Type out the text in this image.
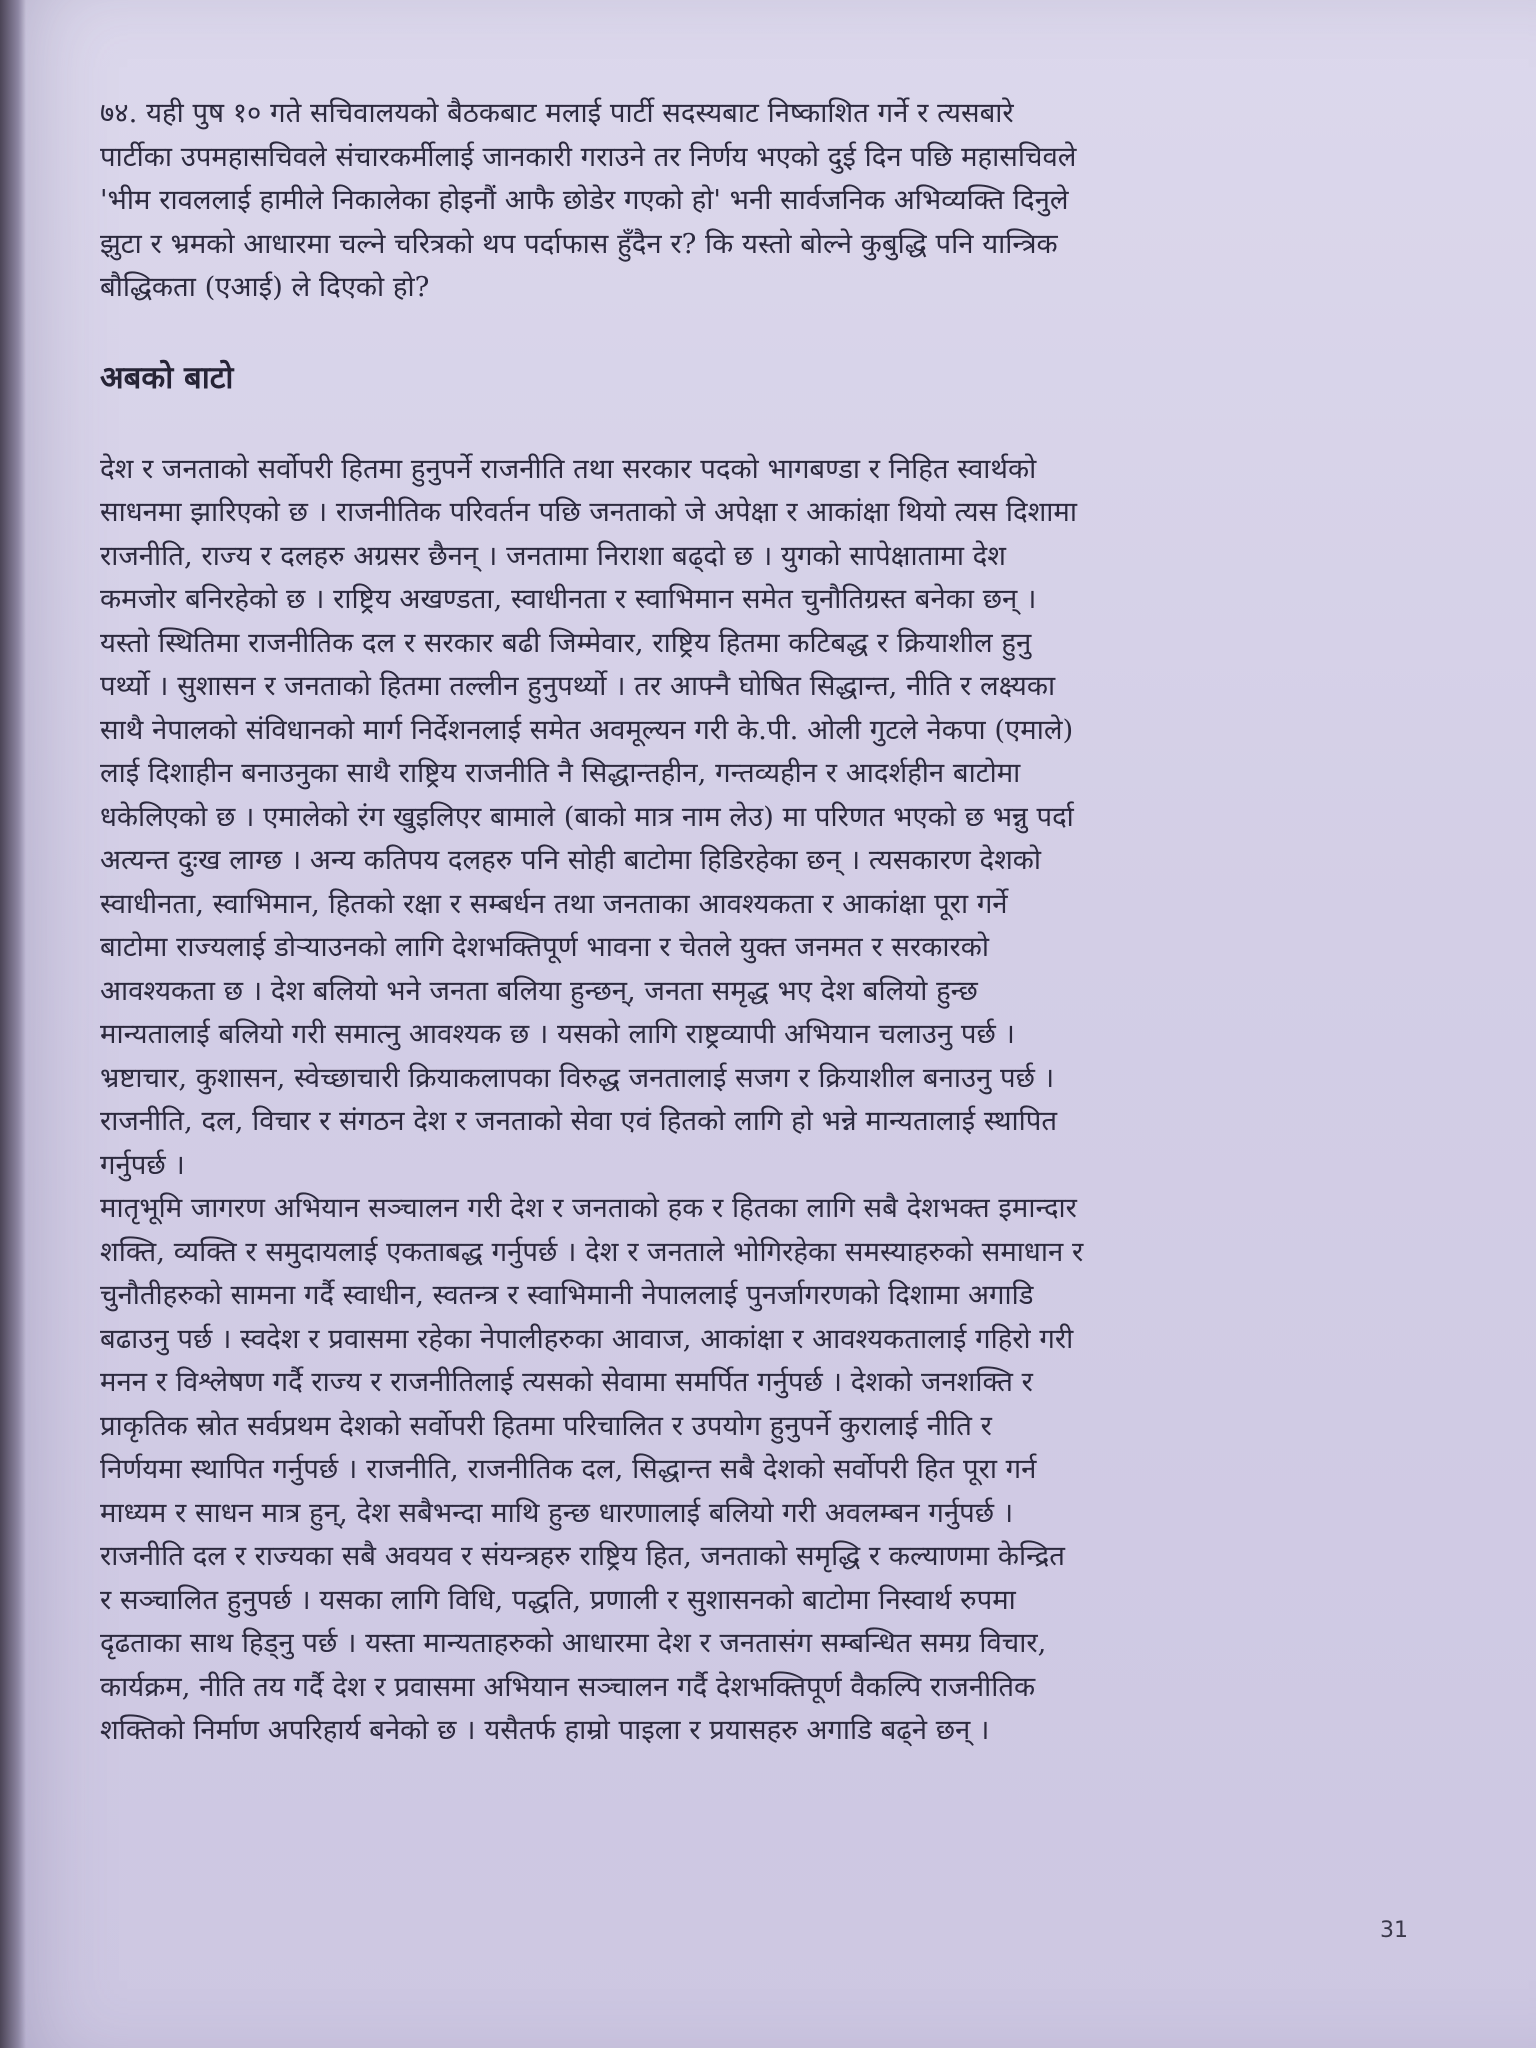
७४. यही पुष १० गते सचिवालयको बैठकबाट मलाई पार्टी सदस्यबाट निष्काशित गर्ने र त्यसबारे
पार्टीका उपमहासचिवले संचारकर्मीलाई जानकारी गराउने तर निर्णय भएको दुई दिन पछि महासचिवले
'भीम रावललाई हामीले निकालेका होइनौं आफै छोडेर गएको हो' भनी सार्वजनिक अभिव्यक्ति दिनुले
झुटा र भ्रमको आधारमा चल्ने चरित्रको थप पर्दाफास हुँदैन र? कि यस्तो बोल्ने कुबुद्धि पनि यान्त्रिक
बौद्धिकता (एआई) ले दिएको हो?

अबको बाटो

देश र जनताको सर्वोपरी हितमा हुनुपर्ने राजनीति तथा सरकार पदको भागबण्डा र निहित स्वार्थको
साधनमा झारिएको छ । राजनीतिक परिवर्तन पछि जनताको जे अपेक्षा र आकांक्षा थियो त्यस दिशामा
राजनीति, राज्य र दलहरु अग्रसर छैनन् । जनतामा निराशा बढ्दो छ । युगको सापेक्षातामा देश
कमजोर बनिरहेको छ । राष्ट्रिय अखण्डता, स्वाधीनता र स्वाभिमान समेत चुनौतिग्रस्त बनेका छन् ।
यस्तो स्थितिमा राजनीतिक दल र सरकार बढी जिम्मेवार, राष्ट्रिय हितमा कटिबद्ध र क्रियाशील हुनु
पर्थ्यो । सुशासन र जनताको हितमा तल्लीन हुनुपर्थ्यो । तर आफ्नै घोषित सिद्धान्त, नीति र लक्ष्यका
साथै नेपालको संविधानको मार्ग निर्देशनलाई समेत अवमूल्यन गरी के.पी. ओली गुटले नेकपा (एमाले)
लाई दिशाहीन बनाउनुका साथै राष्ट्रिय राजनीति नै सिद्धान्तहीन, गन्तव्यहीन र आदर्शहीन बाटोमा
धकेलिएको छ । एमालेको रंग खुइलिएर बामाले (बाको मात्र नाम लेउ) मा परिणत भएको छ भन्नु पर्दा
अत्यन्त दुःख लाग्छ । अन्य कतिपय दलहरु पनि सोही बाटोमा हिडिरहेका छन् । त्यसकारण देशको
स्वाधीनता, स्वाभिमान, हितको रक्षा र सम्बर्धन तथा जनताका आवश्यकता र आकांक्षा पूरा गर्ने
बाटोमा राज्यलाई डोऱ्याउनको लागि देशभक्तिपूर्ण भावना र चेतले युक्त जनमत र सरकारको
आवश्यकता छ । देश बलियो भने जनता बलिया हुन्छन्, जनता समृद्ध भए देश बलियो हुन्छ
मान्यतालाई बलियो गरी समात्नु आवश्यक छ । यसको लागि राष्ट्रव्यापी अभियान चलाउनु पर्छ ।
भ्रष्टाचार, कुशासन, स्वेच्छाचारी क्रियाकलापका विरुद्ध जनतालाई सजग र क्रियाशील बनाउनु पर्छ ।
राजनीति, दल, विचार र संगठन देश र जनताको सेवा एवं हितको लागि हो भन्ने मान्यतालाई स्थापित
गर्नुपर्छ ।

मातृभूमि जागरण अभियान सञ्चालन गरी देश र जनताको हक र हितका लागि सबै देशभक्त इमान्दार
शक्ति, व्यक्ति र समुदायलाई एकताबद्ध गर्नुपर्छ । देश र जनताले भोगिरहेका समस्याहरुको समाधान र
चुनौतीहरुको सामना गर्दै स्वाधीन, स्वतन्त्र र स्वाभिमानी नेपाललाई पुनर्जागरणको दिशामा अगाडि
बढाउनु पर्छ । स्वदेश र प्रवासमा रहेका नेपालीहरुका आवाज, आकांक्षा र आवश्यकतालाई गहिरो गरी
मनन र विश्लेषण गर्दै राज्य र राजनीतिलाई त्यसको सेवामा समर्पित गर्नुपर्छ । देशको जनशक्ति र
प्राकृतिक स्रोत सर्वप्रथम देशको सर्वोपरी हितमा परिचालित र उपयोग हुनुपर्ने कुरालाई नीति र
निर्णयमा स्थापित गर्नुपर्छ । राजनीति, राजनीतिक दल, सिद्धान्त सबै देशको सर्वोपरी हित पूरा गर्न
माध्यम र साधन मात्र हुन्, देश सबैभन्दा माथि हुन्छ धारणालाई बलियो गरी अवलम्बन गर्नुपर्छ ।
राजनीति दल र राज्यका सबै अवयव र संयन्त्रहरु राष्ट्रिय हित, जनताको समृद्धि र कल्याणमा केन्द्रित
र सञ्चालित हुनुपर्छ । यसका लागि विधि, पद्धति, प्रणाली र सुशासनको बाटोमा निस्वार्थ रुपमा
दृढताका साथ हिड्नु पर्छ । यस्ता मान्यताहरुको आधारमा देश र जनतासंग सम्बन्धित समग्र विचार,
कार्यक्रम, नीति तय गर्दै देश र प्रवासमा अभियान सञ्चालन गर्दै देशभक्तिपूर्ण वैकल्पि राजनीतिक
शक्तिको निर्माण अपरिहार्य बनेको छ । यसैतर्फ हाम्रो पाइला र प्रयासहरु अगाडि बढ्ने छन् ।

31
